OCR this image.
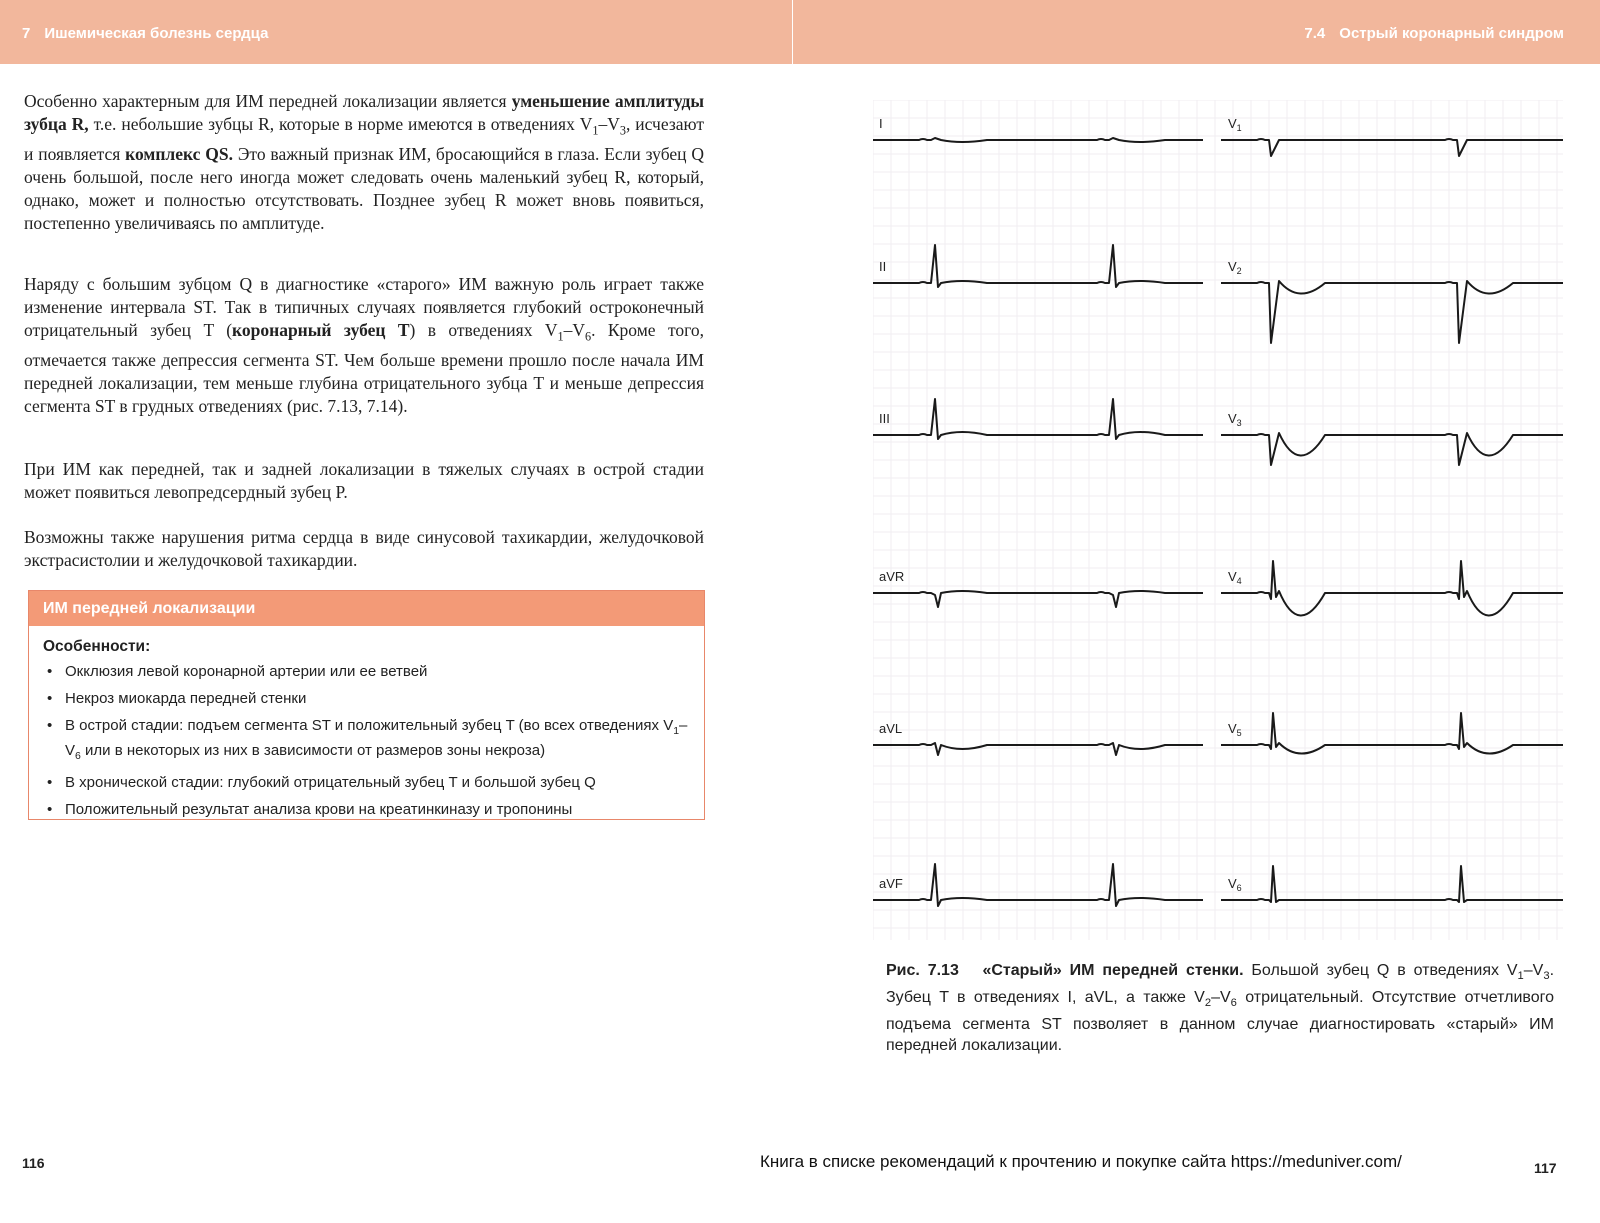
7 Ишемическая болезнь сердца	7.4 Острый коронарный синдром

Особенно характерным для ИМ передней локализации является уменьшение амплитуды зубца R, т.е. небольшие зубцы R, которые в норме имеются в отведениях $V_1-V_3$, исчезают и появляется комплекс QS. Это важный признак ИМ, бросающийся в глаза. Если зубец Q очень большой, после него иногда может следовать очень маленький зубец R, который, однако, может и полностью отсутствовать. Позднее зубец R может вновь появиться, постепенно увеличиваясь по амплитуде.

Наряду с большим зубцом Q в диагностике «старого» ИМ важную роль играет также изменение интервала ST. Так в типичных случаях появляется глубокий остроконечный отрицательный зубец T (коронарный зубец T) в отведениях $V_1-V_6$. Кроме того, отмечается также депрессия сегмента ST. Чем больше времени прошло после начала ИМ передней локализации, тем меньше глубина отрицательного зубца T и меньше депрессия сегмента ST в грудных отведениях (рис. 7.13, 7.14).

При ИМ как передней, так и задней локализации в тяжелых случаях в острой стадии может появиться левопредсердный зубец P.

Возможны также нарушения ритма сердца в виде синусовой тахикардии, желудочковой экстрасистолии и желудочковой тахикардии.

ИМ передней локализации
Особенности:
• Окклюзия левой коронарной артерии или ее ветвей
• Некроз миокарда передней стенки
• В острой стадии: подъем сегмента ST и положительный зубец T (во всех отведениях $V_1-V_6$ или в некоторых из них в зависимости от размеров зоны некроза)
• В хронической стадии: глубокий отрицательный зубец T и большой зубец Q
• Положительный результат анализа крови на креатинкиназу и тропонины
I	$V_1$
II	$V_2$
III	$V_3$
aVR	$V_4$
aVL	$V_5$
aVF	$V_6$
Рис. 7.13 «Старый» ИМ передней стенки. Большой зубец Q в отведениях $V_1-V_3$. Зубец T в отведениях I, aVL, а также $V_2-V_6$ отрицательный. Отсутствие отчетливого подъема сегмента ST позволяет в данном случае диагностировать «старый» ИМ передней локализации.
116	Книга в списке рекомендаций к прочтению и покупке сайта https://meduniver.com/	117
